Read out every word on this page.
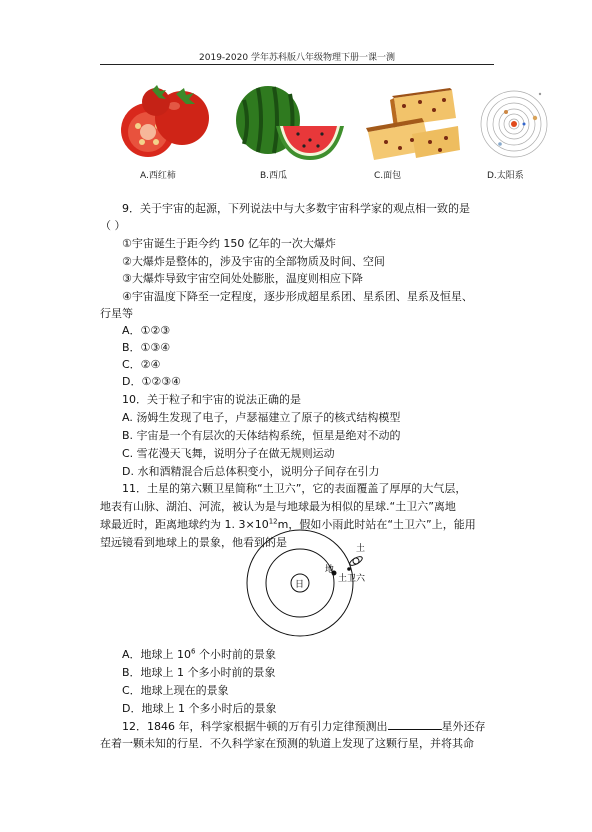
2019-2020 学年苏科版八年级物理下册一课一测
A.西红柿	B.西瓜	C.面包	D.太阳系
9．关于宇宙的起源，下列说法中与大多数宇宙科学家的观点相一致的是
（ ）
①宇宙诞生于距今约 150 亿年的一次大爆炸
②大爆炸是整体的，涉及宇宙的全部物质及时间、空间
③大爆炸导致宇宙空间处处膨胀，温度则相应下降
④宇宙温度下降至一定程度，逐步形成超星系团、星系团、星系及恒星、
行星等
A．①②③
B．①③④
C．②④
D．①②③④
10．关于粒子和宇宙的说法正确的是
A. 汤姆生发现了电子，卢瑟福建立了原子的核式结构模型
B. 宇宙是一个有层次的天体结构系统，恒星是绝对不动的
C. 雪花漫天飞舞，说明分子在做无规则运动
D. 水和酒精混合后总体积变小，说明分子间存在引力
11．土星的第六颗卫星简称“土卫六”，它的表面覆盖了厚厚的大气层，
地表有山脉、湖泊、河流，被认为是与地球最为相似的星球.“土卫六”离地
球最近时，距离地球约为 1. $3\times 10^{12}m$，假如小雨此时站在“土卫六”上，能用
望远镜看到地球上的景象，他看到的是
日
地
土
土卫六
A．地球上 $10^6$ 个小时前的景象
B．地球上 1 个多小时前的景象
C．地球上现在的景象
D．地球上 1 个多小时后的景象
12．1846 年，科学家根据牛顿的万有引力定律预测出	星外还存
在着一颗未知的行星．不久科学家在预测的轨道上发现了这颗行星，并将其命
